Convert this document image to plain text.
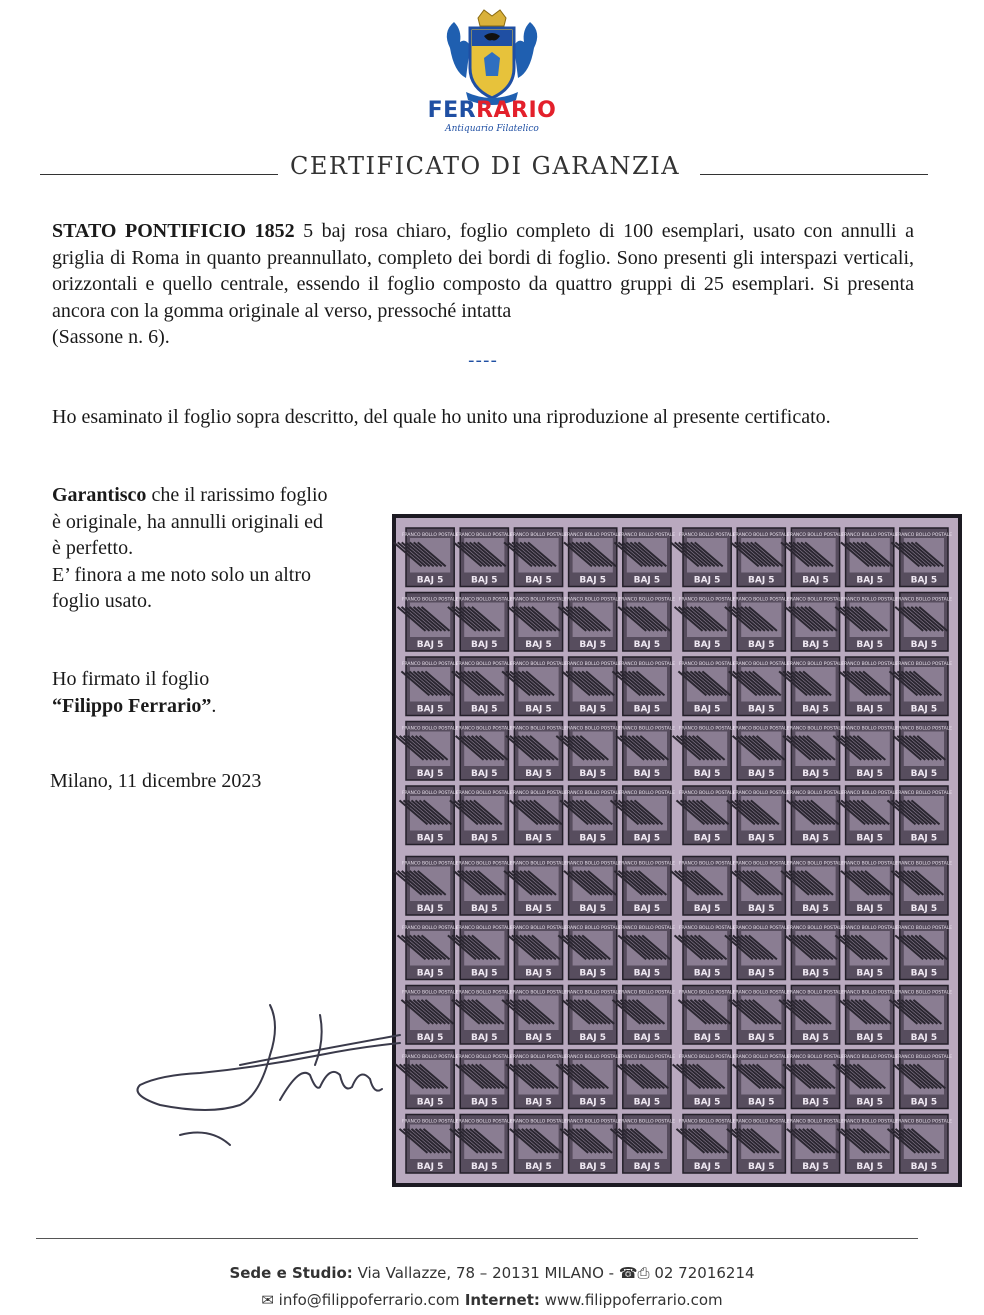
FERRARIO
Antiquario Filatelico
CERTIFICATO DI GARANZIA
STATO PONTIFICIO 1852 5 baj rosa chiaro, foglio completo di 100 esemplari, usato con annulli a griglia di Roma in quanto preannullato, completo dei bordi di foglio. Sono presenti gli interspazi verticali, orizzontali e quello centrale, essendo il foglio composto da quattro gruppi di 25 esemplari. Si presenta ancora con la gomma originale al verso, pressoché intatta
(Sassone n. 6).
----
Ho esaminato il foglio sopra descritto, del quale ho unito una riproduzione al presente certificato.
Garantisco che il rarissimo foglio
è originale, ha annulli originali ed
è perfetto.
E’ finora a me noto solo un altro
foglio usato.
Ho firmato il foglio
“Filippo Ferrario”.
Milano, 11 dicembre 2023
FRANCO BOLLO POSTALE
BAJ 5
FRANCO BOLLO POSTALE
BAJ 5
FRANCO BOLLO POSTALE
BAJ 5
FRANCO BOLLO POSTALE
BAJ 5
FRANCO BOLLO POSTALE
BAJ 5
FRANCO BOLLO POSTALE
BAJ 5
FRANCO BOLLO POSTALE
BAJ 5
FRANCO BOLLO POSTALE
BAJ 5
FRANCO BOLLO POSTALE
BAJ 5
FRANCO BOLLO POSTALE
BAJ 5
FRANCO BOLLO POSTALE
BAJ 5
FRANCO BOLLO POSTALE
BAJ 5
FRANCO BOLLO POSTALE
BAJ 5
FRANCO BOLLO POSTALE
BAJ 5
FRANCO BOLLO POSTALE
BAJ 5
FRANCO BOLLO POSTALE
BAJ 5
FRANCO BOLLO POSTALE
BAJ 5
FRANCO BOLLO POSTALE
BAJ 5
FRANCO BOLLO POSTALE
BAJ 5
FRANCO BOLLO POSTALE
BAJ 5
FRANCO BOLLO POSTALE
BAJ 5
FRANCO BOLLO POSTALE
BAJ 5
FRANCO BOLLO POSTALE
BAJ 5
FRANCO BOLLO POSTALE
BAJ 5
FRANCO BOLLO POSTALE
BAJ 5
FRANCO BOLLO POSTALE
BAJ 5
FRANCO BOLLO POSTALE
BAJ 5
FRANCO BOLLO POSTALE
BAJ 5
FRANCO BOLLO POSTALE
BAJ 5
FRANCO BOLLO POSTALE
BAJ 5
FRANCO BOLLO POSTALE
BAJ 5
FRANCO BOLLO POSTALE
BAJ 5
FRANCO BOLLO POSTALE
BAJ 5
FRANCO BOLLO POSTALE
BAJ 5
FRANCO BOLLO POSTALE
BAJ 5
FRANCO BOLLO POSTALE
BAJ 5
FRANCO BOLLO POSTALE
BAJ 5
FRANCO BOLLO POSTALE
BAJ 5
FRANCO BOLLO POSTALE
BAJ 5
FRANCO BOLLO POSTALE
BAJ 5
FRANCO BOLLO POSTALE
BAJ 5
FRANCO BOLLO POSTALE
BAJ 5
FRANCO BOLLO POSTALE
BAJ 5
FRANCO BOLLO POSTALE
BAJ 5
FRANCO BOLLO POSTALE
BAJ 5
FRANCO BOLLO POSTALE
BAJ 5
FRANCO BOLLO POSTALE
BAJ 5
FRANCO BOLLO POSTALE
BAJ 5
FRANCO BOLLO POSTALE
BAJ 5
FRANCO BOLLO POSTALE
BAJ 5
FRANCO BOLLO POSTALE
BAJ 5
FRANCO BOLLO POSTALE
BAJ 5
FRANCO BOLLO POSTALE
BAJ 5
FRANCO BOLLO POSTALE
BAJ 5
FRANCO BOLLO POSTALE
BAJ 5
FRANCO BOLLO POSTALE
BAJ 5
FRANCO BOLLO POSTALE
BAJ 5
FRANCO BOLLO POSTALE
BAJ 5
FRANCO BOLLO POSTALE
BAJ 5
FRANCO BOLLO POSTALE
BAJ 5
FRANCO BOLLO POSTALE
BAJ 5
FRANCO BOLLO POSTALE
BAJ 5
FRANCO BOLLO POSTALE
BAJ 5
FRANCO BOLLO POSTALE
BAJ 5
FRANCO BOLLO POSTALE
BAJ 5
FRANCO BOLLO POSTALE
BAJ 5
FRANCO BOLLO POSTALE
BAJ 5
FRANCO BOLLO POSTALE
BAJ 5
FRANCO BOLLO POSTALE
BAJ 5
FRANCO BOLLO POSTALE
BAJ 5
FRANCO BOLLO POSTALE
BAJ 5
FRANCO BOLLO POSTALE
BAJ 5
FRANCO BOLLO POSTALE
BAJ 5
FRANCO BOLLO POSTALE
BAJ 5
FRANCO BOLLO POSTALE
BAJ 5
FRANCO BOLLO POSTALE
BAJ 5
FRANCO BOLLO POSTALE
BAJ 5
FRANCO BOLLO POSTALE
BAJ 5
FRANCO BOLLO POSTALE
BAJ 5
FRANCO BOLLO POSTALE
BAJ 5
FRANCO BOLLO POSTALE
BAJ 5
FRANCO BOLLO POSTALE
BAJ 5
FRANCO BOLLO POSTALE
BAJ 5
FRANCO BOLLO POSTALE
BAJ 5
FRANCO BOLLO POSTALE
BAJ 5
FRANCO BOLLO POSTALE
BAJ 5
FRANCO BOLLO POSTALE
BAJ 5
FRANCO BOLLO POSTALE
BAJ 5
FRANCO BOLLO POSTALE
BAJ 5
FRANCO BOLLO POSTALE
BAJ 5
FRANCO BOLLO POSTALE
BAJ 5
FRANCO BOLLO POSTALE
BAJ 5
FRANCO BOLLO POSTALE
BAJ 5
FRANCO BOLLO POSTALE
BAJ 5
FRANCO BOLLO POSTALE
BAJ 5
FRANCO BOLLO POSTALE
BAJ 5
FRANCO BOLLO POSTALE
BAJ 5
FRANCO BOLLO POSTALE
BAJ 5
FRANCO BOLLO POSTALE
BAJ 5
FRANCO BOLLO POSTALE
BAJ 5
Sede e Studio: Via Vallazze, 78 – 20131 MILANO - ☎⎙ 02 72016214
✉ info@filippoferrario.com Internet: www.filippoferrario.com
